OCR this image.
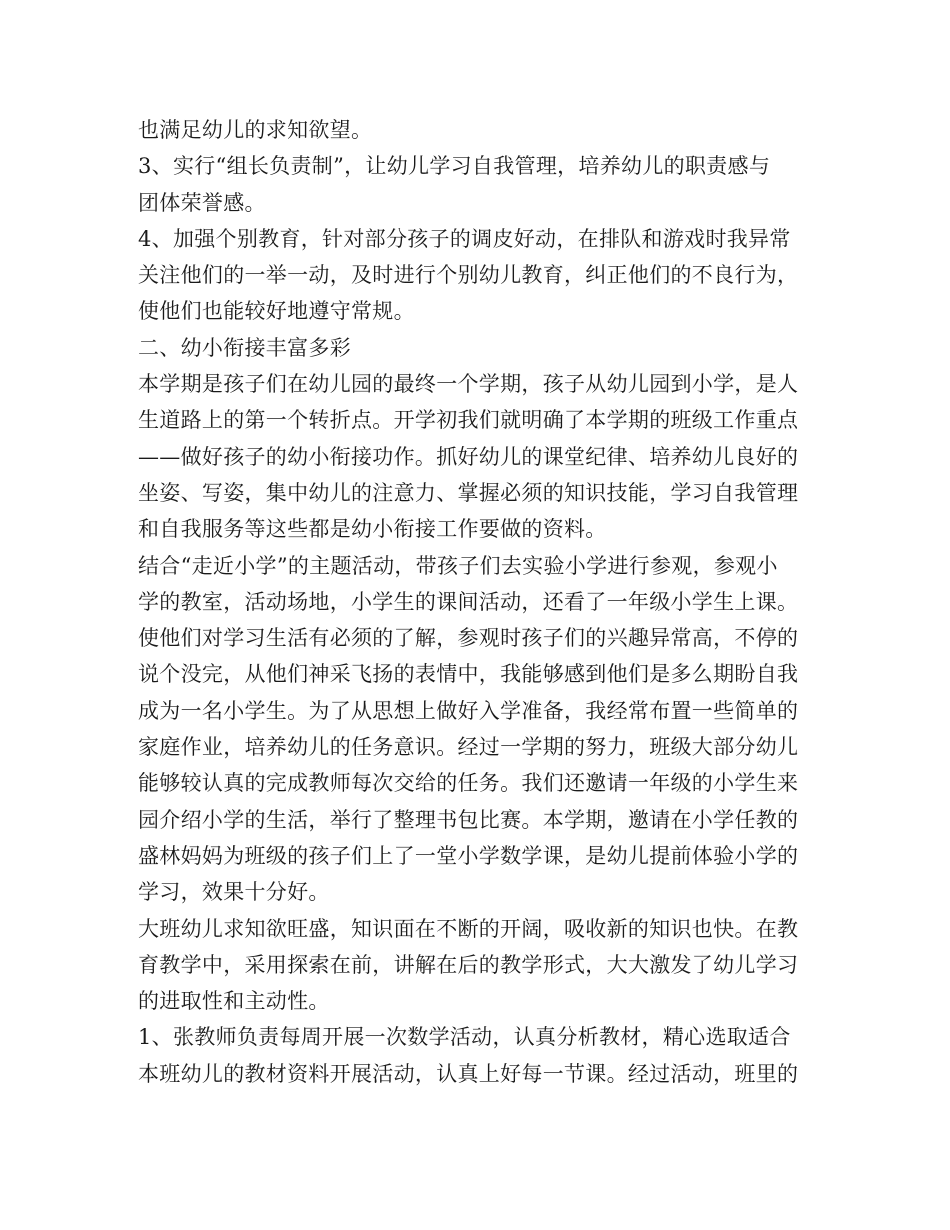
也满足幼儿的求知欲望。
3、实行“组长负责制”，让幼儿学习自我管理，培养幼儿的职责感与
团体荣誉感。
4、加强个别教育，针对部分孩子的调皮好动，在排队和游戏时我异常
关注他们的一举一动，及时进行个别幼儿教育，纠正他们的不良行为，
使他们也能较好地遵守常规。
二、幼小衔接丰富多彩
本学期是孩子们在幼儿园的最终一个学期，孩子从幼儿园到小学，是人
生道路上的第一个转折点。开学初我们就明确了本学期的班级工作重点
——做好孩子的幼小衔接功作。抓好幼儿的课堂纪律、培养幼儿良好的
坐姿、写姿，集中幼儿的注意力、掌握必须的知识技能，学习自我管理
和自我服务等这些都是幼小衔接工作要做的资料。
结合“走近小学”的主题活动，带孩子们去实验小学进行参观，参观小
学的教室，活动场地，小学生的课间活动，还看了一年级小学生上课。
使他们对学习生活有必须的了解，参观时孩子们的兴趣异常高，不停的
说个没完，从他们神采飞扬的表情中，我能够感到他们是多么期盼自我
成为一名小学生。为了从思想上做好入学准备，我经常布置一些简单的
家庭作业，培养幼儿的任务意识。经过一学期的努力，班级大部分幼儿
能够较认真的完成教师每次交给的任务。我们还邀请一年级的小学生来
园介绍小学的生活，举行了整理书包比赛。本学期，邀请在小学任教的
盛林妈妈为班级的孩子们上了一堂小学数学课，是幼儿提前体验小学的
学习，效果十分好。
大班幼儿求知欲旺盛，知识面在不断的开阔，吸收新的知识也快。在教
育教学中，采用探索在前，讲解在后的教学形式，大大激发了幼儿学习
的进取性和主动性。
1、张教师负责每周开展一次数学活动，认真分析教材，精心选取适合
本班幼儿的教材资料开展活动，认真上好每一节课。经过活动，班里的
